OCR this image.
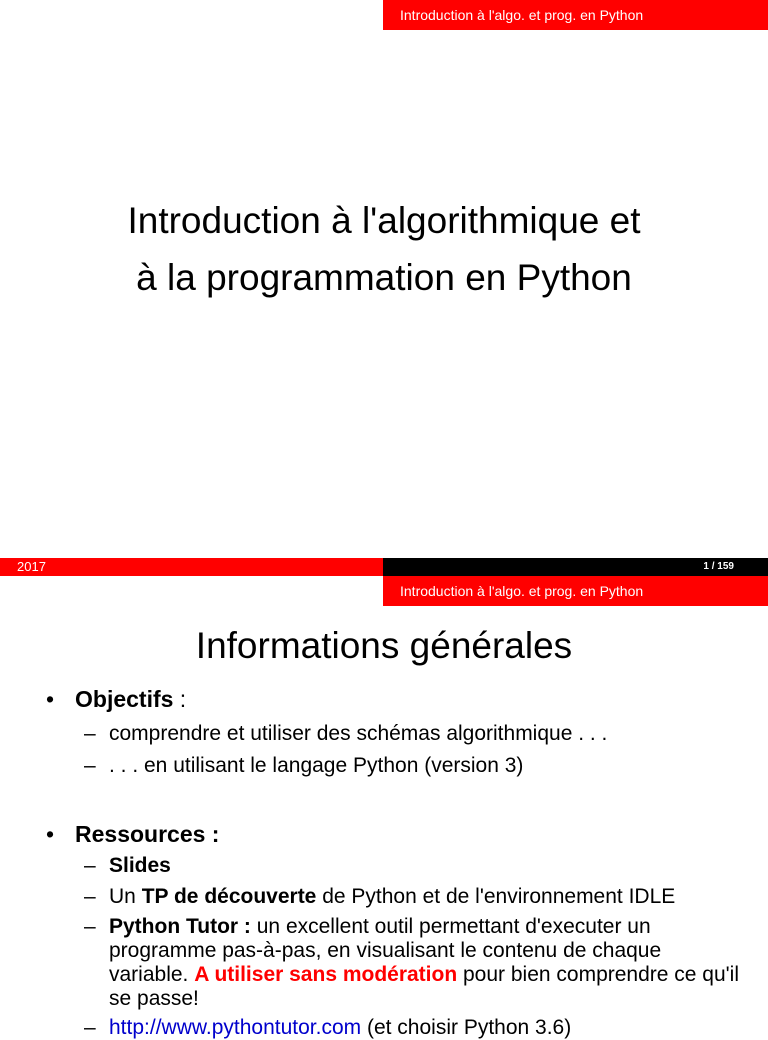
Introduction à l'algo. et prog. en Python
Introduction à l'algorithmique et
à la programmation en Python
2017	1 / 159
Introduction à l'algo. et prog. en Python
Informations générales
• Objectifs :
– comprendre et utiliser des schémas algorithmique . . .
– . . . en utilisant le langage Python (version 3)
• Ressources :
– Slides
– Un TP de découverte de Python et de l'environnement IDLE
– Python Tutor : un excellent outil permettant d'executer un programme pas-à-pas, en visualisant le contenu de chaque variable. A utiliser sans modération pour bien comprendre ce qu'il se passe!
– http://www.pythontutor.com (et choisir Python 3.6)
